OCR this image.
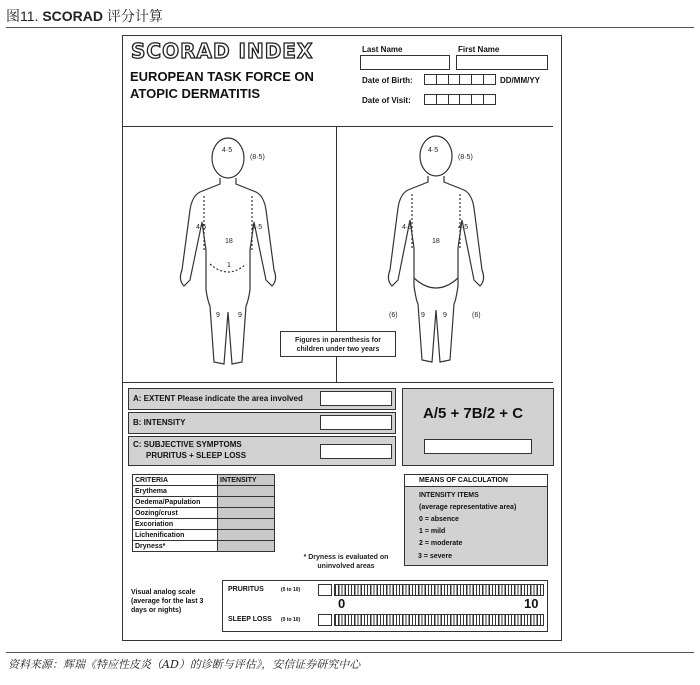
图11. SCORAD 评分计算
SCORAD INDEX
EUROPEAN TASK FORCE ON ATOPIC DERMATITIS
Last Name	First Name
Date of Birth:	DD/MM/YY
Date of Visit:
4·5
(8·5)
4·5	4·5
18
1
9	9
4·5
(8·5)
4·5	4·5
18
9	9
(6)	(6)
Figures in parenthesis for children under two years
A: EXTENT Please indicate the area involved
B: INTENSITY
C: SUBJECTIVE SYMPTOMS
PRURITUS + SLEEP LOSS
A/5 + 7B/2 + C
CRITERIA	INTENSITY
Erythema	
Oedema/Papulation	
Oozing/crust	
Excoriation	
Lichenification	
Dryness*	
* Dryness is evaluated on uninvolved areas
MEANS OF CALCULATION
INTENSITY ITEMS
(average representative area)
0 = absence
1 = mild
2 = moderate
3 = severe
Visual analog scale (average for the last 3 days or nights)
PRURITUS	(0 to 10)
0	10
SLEEP LOSS (0 to 10)
资料来源：辉瑞《特应性皮炎（AD）的诊断与评估》，安信证券研究中心
